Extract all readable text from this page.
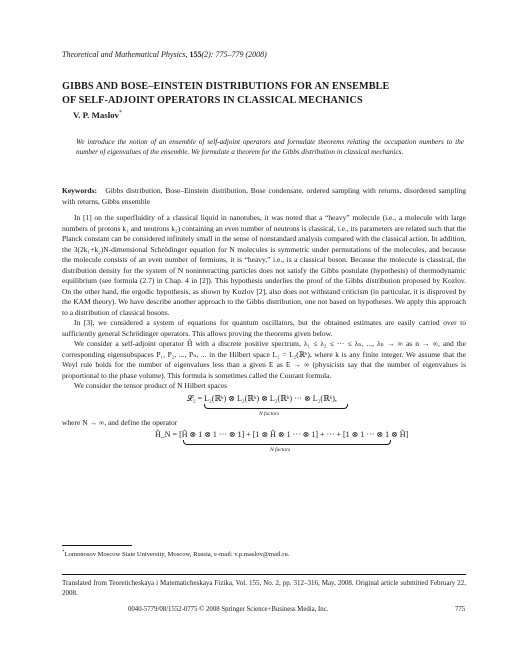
Theoretical and Mathematical Physics, 155(2): 775–779 (2008)
GIBBS AND BOSE–EINSTEIN DISTRIBUTIONS FOR AN ENSEMBLE
OF SELF-ADJOINT OPERATORS IN CLASSICAL MECHANICS
V. P. Maslov*
We introduce the notion of an ensemble of self-adjoint operators and formulate theorems relating the occupation numbers to the number of eigenvalues of the ensemble. We formulate a theorem for the Gibbs distribution in classical mechanics.
Keywords: Gibbs distribution, Bose–Einstein distribution, Bose condensate, ordered sampling with returns, disordered sampling with returns, Gibbs ensemble

In [1] on the superfluidity of a classical liquid in nanotubes, it was noted that a “heavy” molecule (i.e., a molecule with large numbers of protons k₁ and neutrons k₂) containing an even number of neutrons is classical, i.e., its parameters are related such that the Planck constant can be considered infinitely small in the sense of nonstandard analysis compared with the classical action. In addition, the 3(2k₁+k₂)N-dimensional Schrödinger equation for N molecules is symmetric under permutations of the molecules, and because the molecule consists of an even number of fermions, it is “heavy,” i.e., is a classical boson. Because the molecule is classical, the distribution density for the system of N noninteracting particles does not satisfy the Gibbs postulate (hypothesis) of thermodynamic equilibrium (see formula (2.7) in Chap. 4 in [2]). This hypothesis underlies the proof of the Gibbs distribution proposed by Kozlov. On the other hand, the ergodic hypothesis, as shown by Kozlov [2], also does not withstand criticism (in particular, it is disproved by the KAM theory). We have describe another approach to the Gibbs distribution, one not based on hypotheses. We apply this approach to a distribution of classical bosons.

In [3], we considered a system of equations for quantum oscillators, but the obtained estimates are easily carried over to sufficiently general Schrödinger operators. This allows proving the theorems given below.

We consider a self-adjoint operator Ĥ with a discrete positive spectrum, λ₁ ≤ λ₂ ≤ ··· ≤ λₙ, ..., λₙ → ∞ as n → ∞, and the corresponding eigensubspaces P₁, P₂, ..., Pₙ, ... in the Hilbert space L₂ = L₂(ℝᵏ), where k is any finite integer. We assume that the Weyl rule holds for the number of eigenvalues less than a given E as E → ∞ (physicists say that the number of eigenvalues is proportional to the phase volume). This formula is sometimes called the Courant formula.

We consider the tensor product of N Hilbert spaces

𝓛₂ = L₂(ℝᵏ) ⊗ L₂(ℝᵏ) ⊗ L₂(ℝᵏ) ··· ⊗ L₂(ℝᵏ),
N factors

where N → ∞, and define the operator

Ĥ_N = [Ĥ ⊗ 1 ⊗ 1 ··· ⊗ 1] + [1 ⊗ Ĥ ⊗ 1 ··· ⊗ 1] + ··· + [1 ⊗ 1 ··· ⊗ 1 ⊗ Ĥ]
N factors
*Lomonosov Moscow State University, Moscow, Russia, e-mail: v.p.maslov@mail.ru.
Translated from Teoreticheskaya i Matematicheskaya Fizika, Vol. 155, No. 2, pp. 312–316, May, 2008. Original article submitted February 22, 2008.
0040-5779/08/1552-0775 © 2008 Springer Science+Business Media, Inc.	775
